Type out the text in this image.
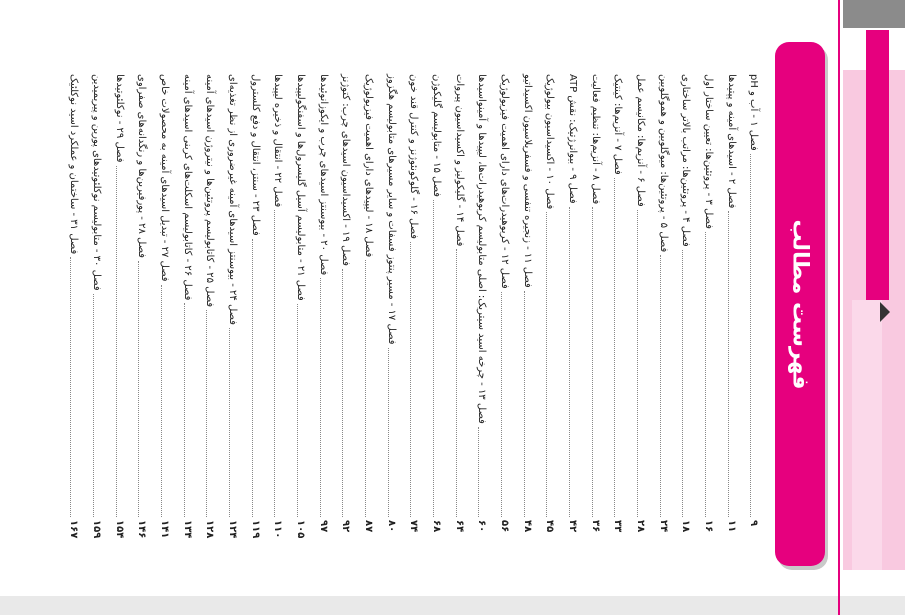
فهرست مطالب
فصل ۱ - آب و pH
۹
فصل ۲ - اسیدهای آمینه و پپتیدها
۱۱
فصل ۳ - پروتئین‌ها: تعیین ساختار اول
۱۶
فصل ۴ - پروتئین‌ها: مراتب بالاتر ساختاری
۱۸
فصل ۵ - پروتئین‌ها: میوگلوبین و هموگلوبین
۲۴
فصل ۶ - آنزیم‌ها: مکانیسم عمل
۲۸
فصل ۷ - آنزیم‌ها: کینتیک
۳۳
فصل ۸ - آنزیم‌ها: تنظیم فعالیت
۳۶
فصل ۹ - بیوانرژتیک: نقش ATP
۴۲
فصل ۱۰ - اکسیداسیون بیولوژیک
۴۵
فصل ۱۱ - زنجیره تنفسی و فسفریلاسیون اکسیداتیو
۴۸
فصل ۱۲ - کربوهیدرات‌های دارای اهمیت فیزیولوژیک
۵۶
فصل ۱۳ - چرخه اسید سیتریک: اصلی متابولیسم کربوهیدرات‌ها، لیپیدها و آمینواسیدها
۶۰
فصل ۱۴ - گلیکولیز و اکسیداسیون پیروات
۶۴
فصل ۱۵ - متابولیسم گلیکوژن
۶۸
فصل ۱۶ - گلوکونئوژنز و کنترل قند خون
۷۴
فصل ۱۷ - مسیر پنتوز فسفات و سایر مسیرهای متابولیسم هگزوز
۸۰
فصل ۱۸ - لیپیدهای دارای اهمیت فیزیولوژیک
۸۷
فصل ۱۹ - اکسیداسیون اسیدهای چرب: کتوژنز
۹۲
فصل ۲۰ - بیوسنتز اسیدهای چرب و ایکوزانوئیدها
۹۷
فصل ۲۱ - متابولیسم آسیل گلیسرول‌ها و اسفنگولیپیدها
۱۰۵
فصل ۲۲ - انتقال و ذخیره لیپیدها
۱۱۰
فصل ۲۳ - سنتز، انتقال و دفع کلسترول
۱۱۹
فصل ۲۴ - بیوسنتز اسیدهای آمینه غیرضروری از نظر تغذیه‌ای
۱۲۴
فصل ۲۵ - کاتابولیسم پروتئین‌ها و نیتروژن اسیدهای آمینه
۱۲۸
فصل ۲۶ - کاتابولیسم اسکلت‌های کربنی اسیدهای آمینه
۱۳۴
فصل ۲۷ - تبدیل اسیدهای آمینه به محصولات خاص
۱۴۱
فصل ۲۸ - پورفیرین‌ها و رنگدانه‌های صفراوی
۱۴۶
فصل ۲۹ - نوکلئوتیدها
۱۵۴
فصل ۳۰ - متابولیسم نوکلئوتیدهای پورین و پیریمیدین
۱۵۹
فصل ۳۱ - ساختمان و عملکرد اسید نوکلئیک
۱۶۷
